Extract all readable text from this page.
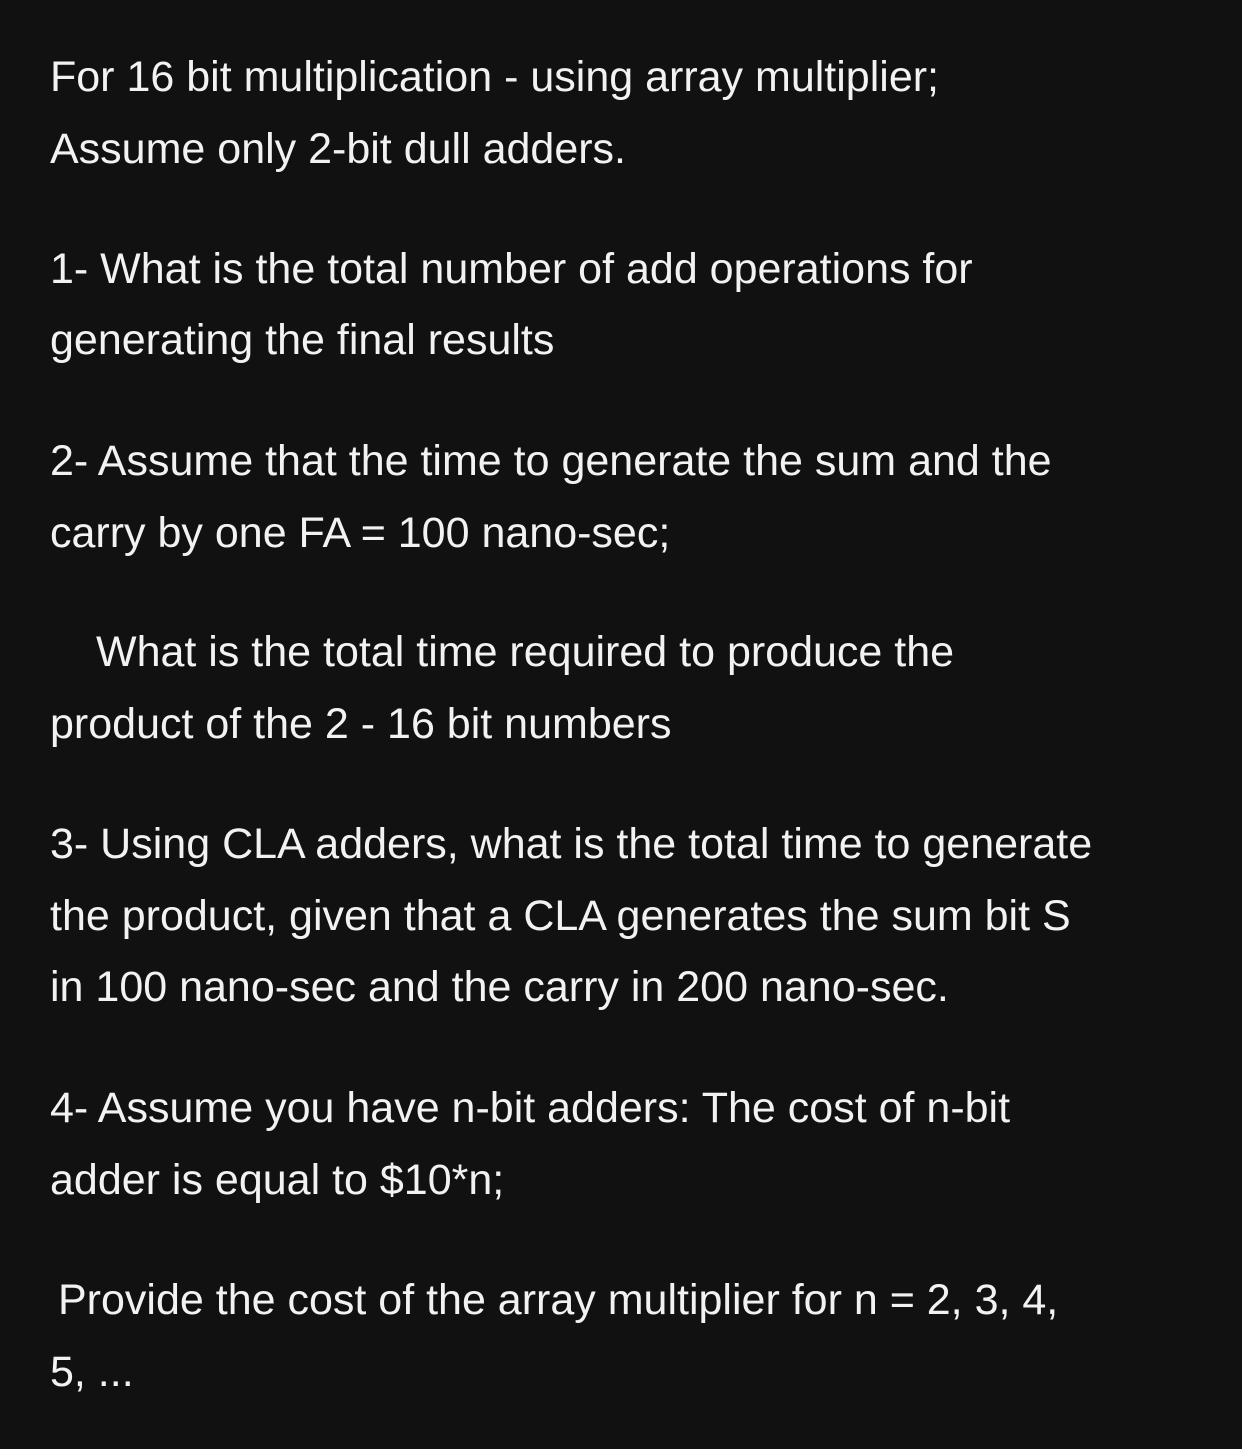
For 16 bit multiplication - using array multiplier;

Assume only 2-bit dull adders.

1- What is the total number of add operations for

generating the final results

2- Assume that the time to generate the sum and the

carry by one FA = 100 nano-sec;

What is the total time required to produce the

product of the 2 - 16 bit numbers

3- Using CLA adders, what is the total time to generate

the product, given that a CLA generates the sum bit S

in 100 nano-sec and the carry in 200 nano-sec.

4- Assume you have n-bit adders: The cost of n-bit

adder is equal to $10*n;

Provide the cost of the array multiplier for n = 2, 3, 4,

5, ...
